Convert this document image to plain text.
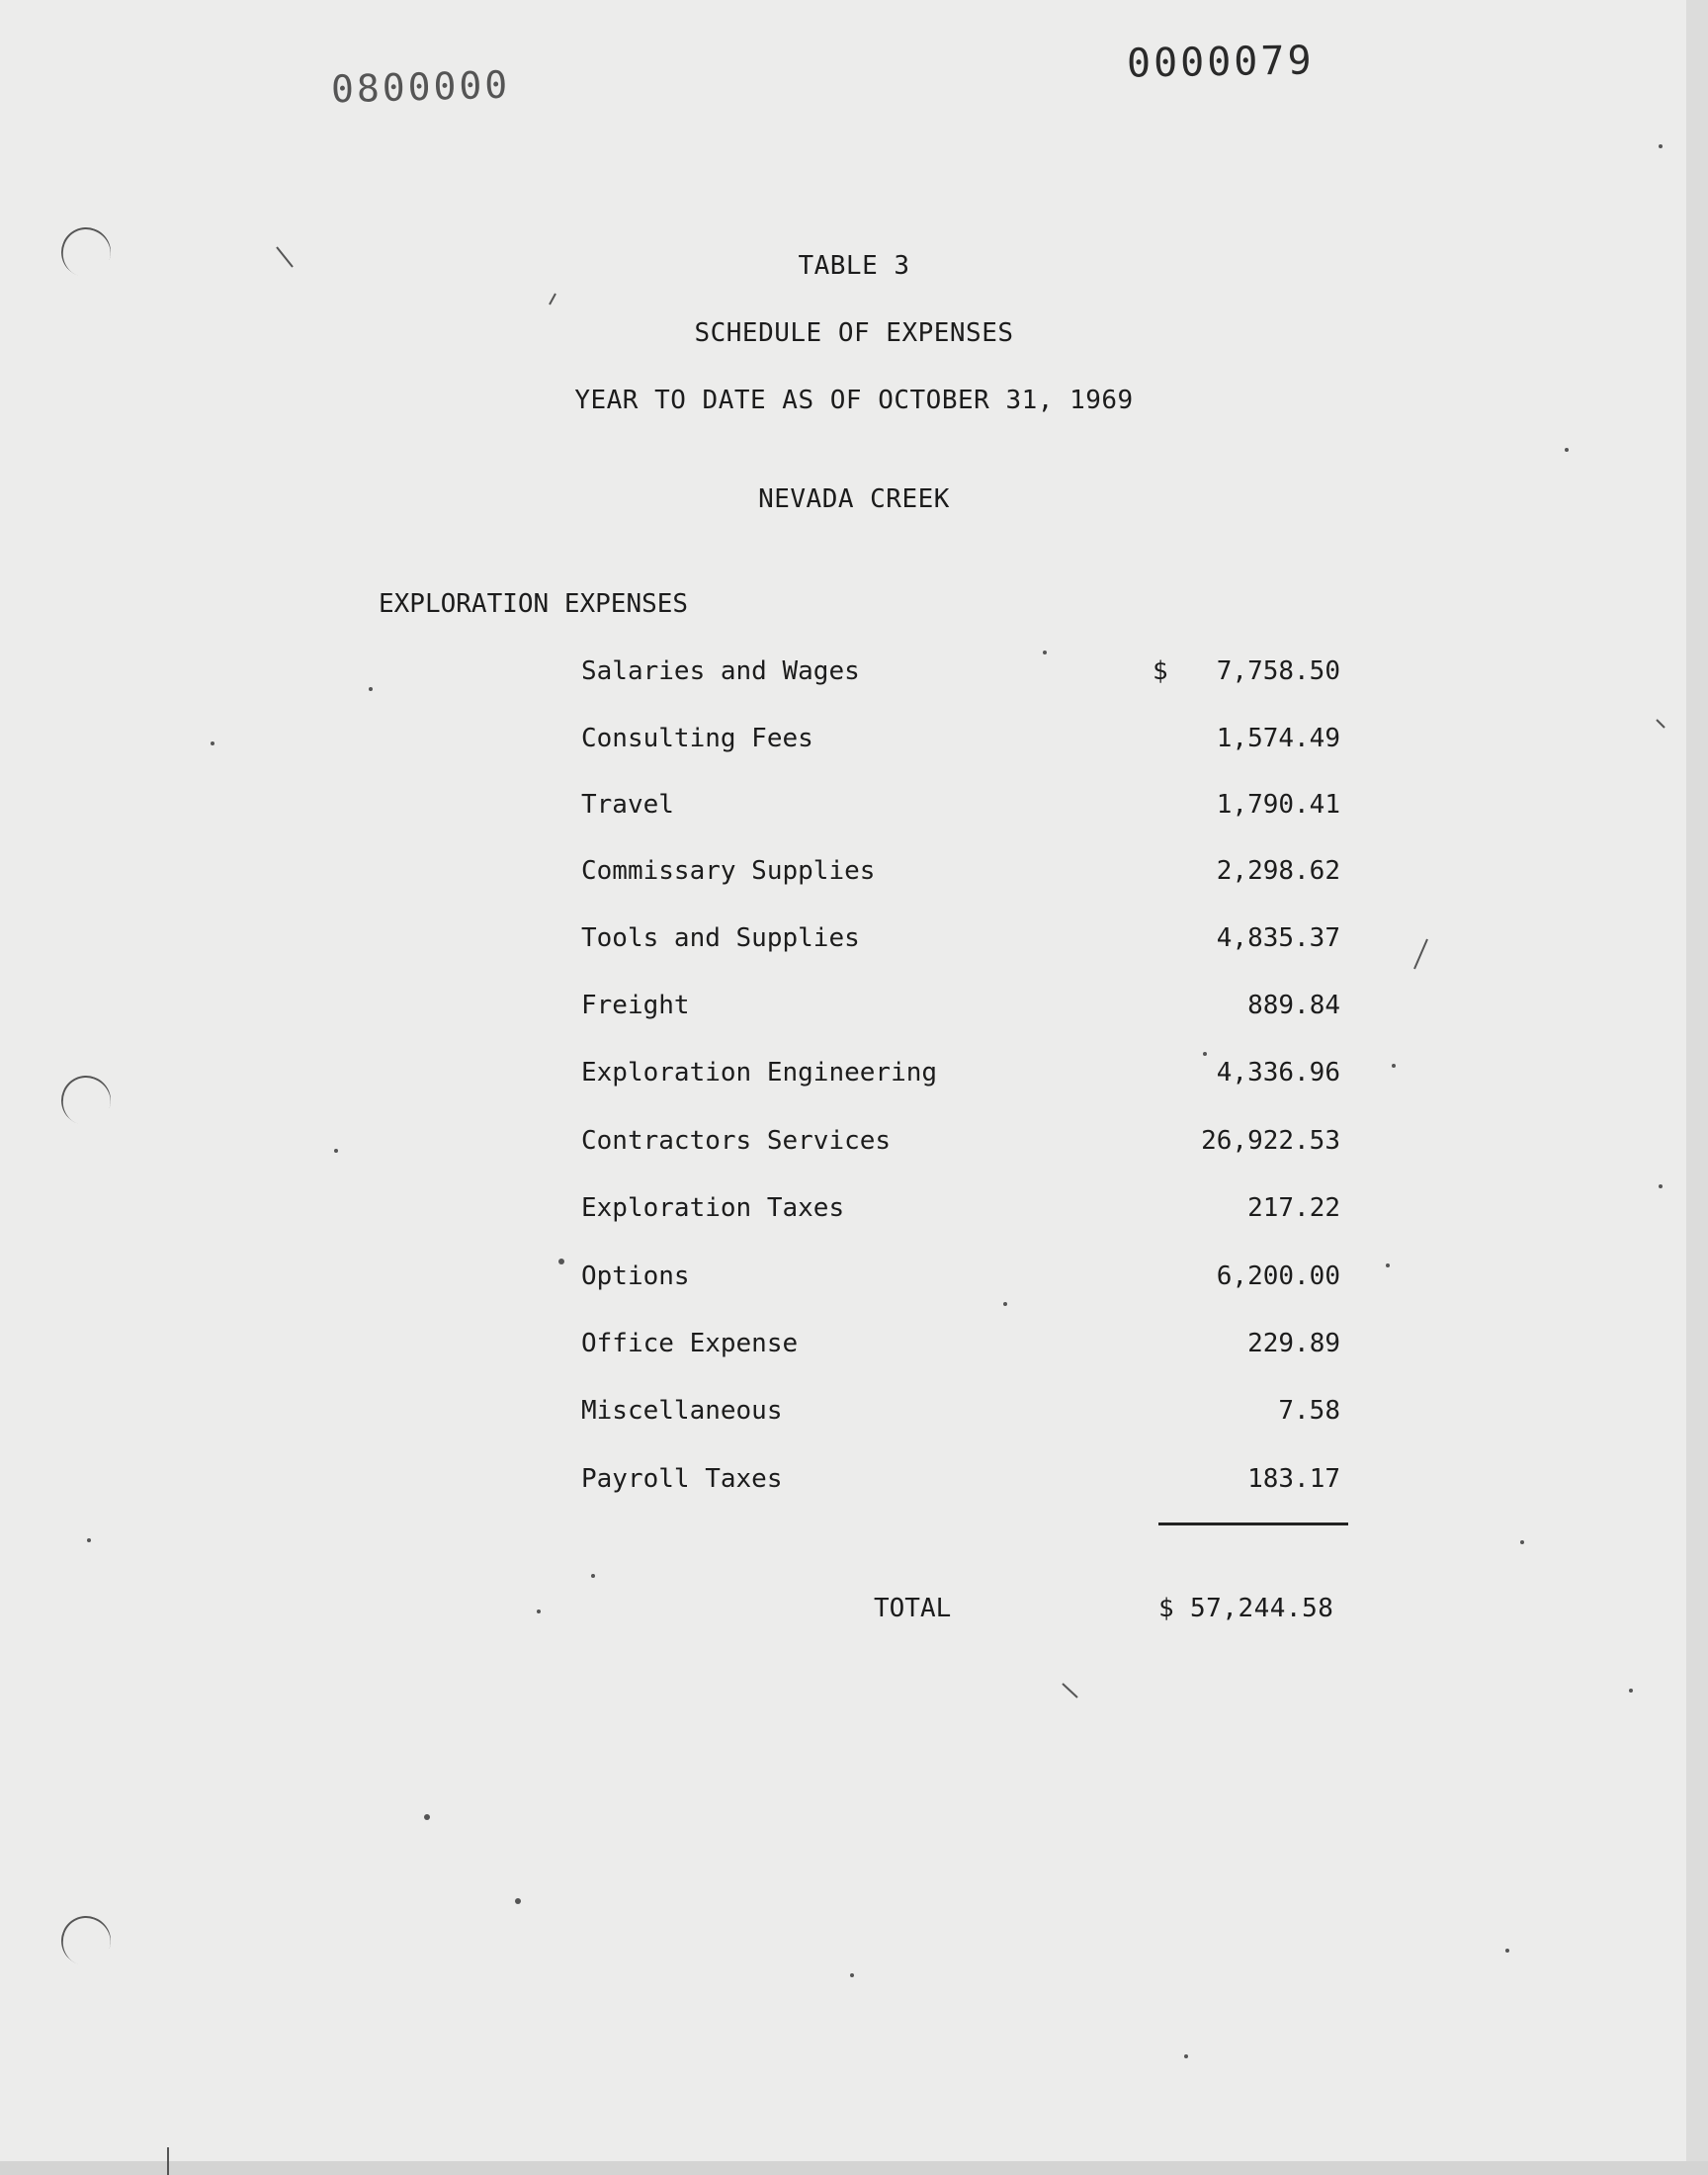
0800000
0000079
TABLE 3
SCHEDULE OF EXPENSES
YEAR TO DATE AS OF OCTOBER 31, 1969
NEVADA CREEK
EXPLORATION EXPENSES
Salaries and Wages	$ 7,758.50
Consulting Fees	1,574.49
Travel	1,790.41
Commissary Supplies	2,298.62
Tools and Supplies	4,835.37
Freight	889.84
Exploration Engineering	4,336.96
Contractors Services	26,922.53
Exploration Taxes	217.22
Options	6,200.00
Office Expense	229.89
Miscellaneous	7.58
Payroll Taxes	183.17
TOTAL	$ 57,244.58
